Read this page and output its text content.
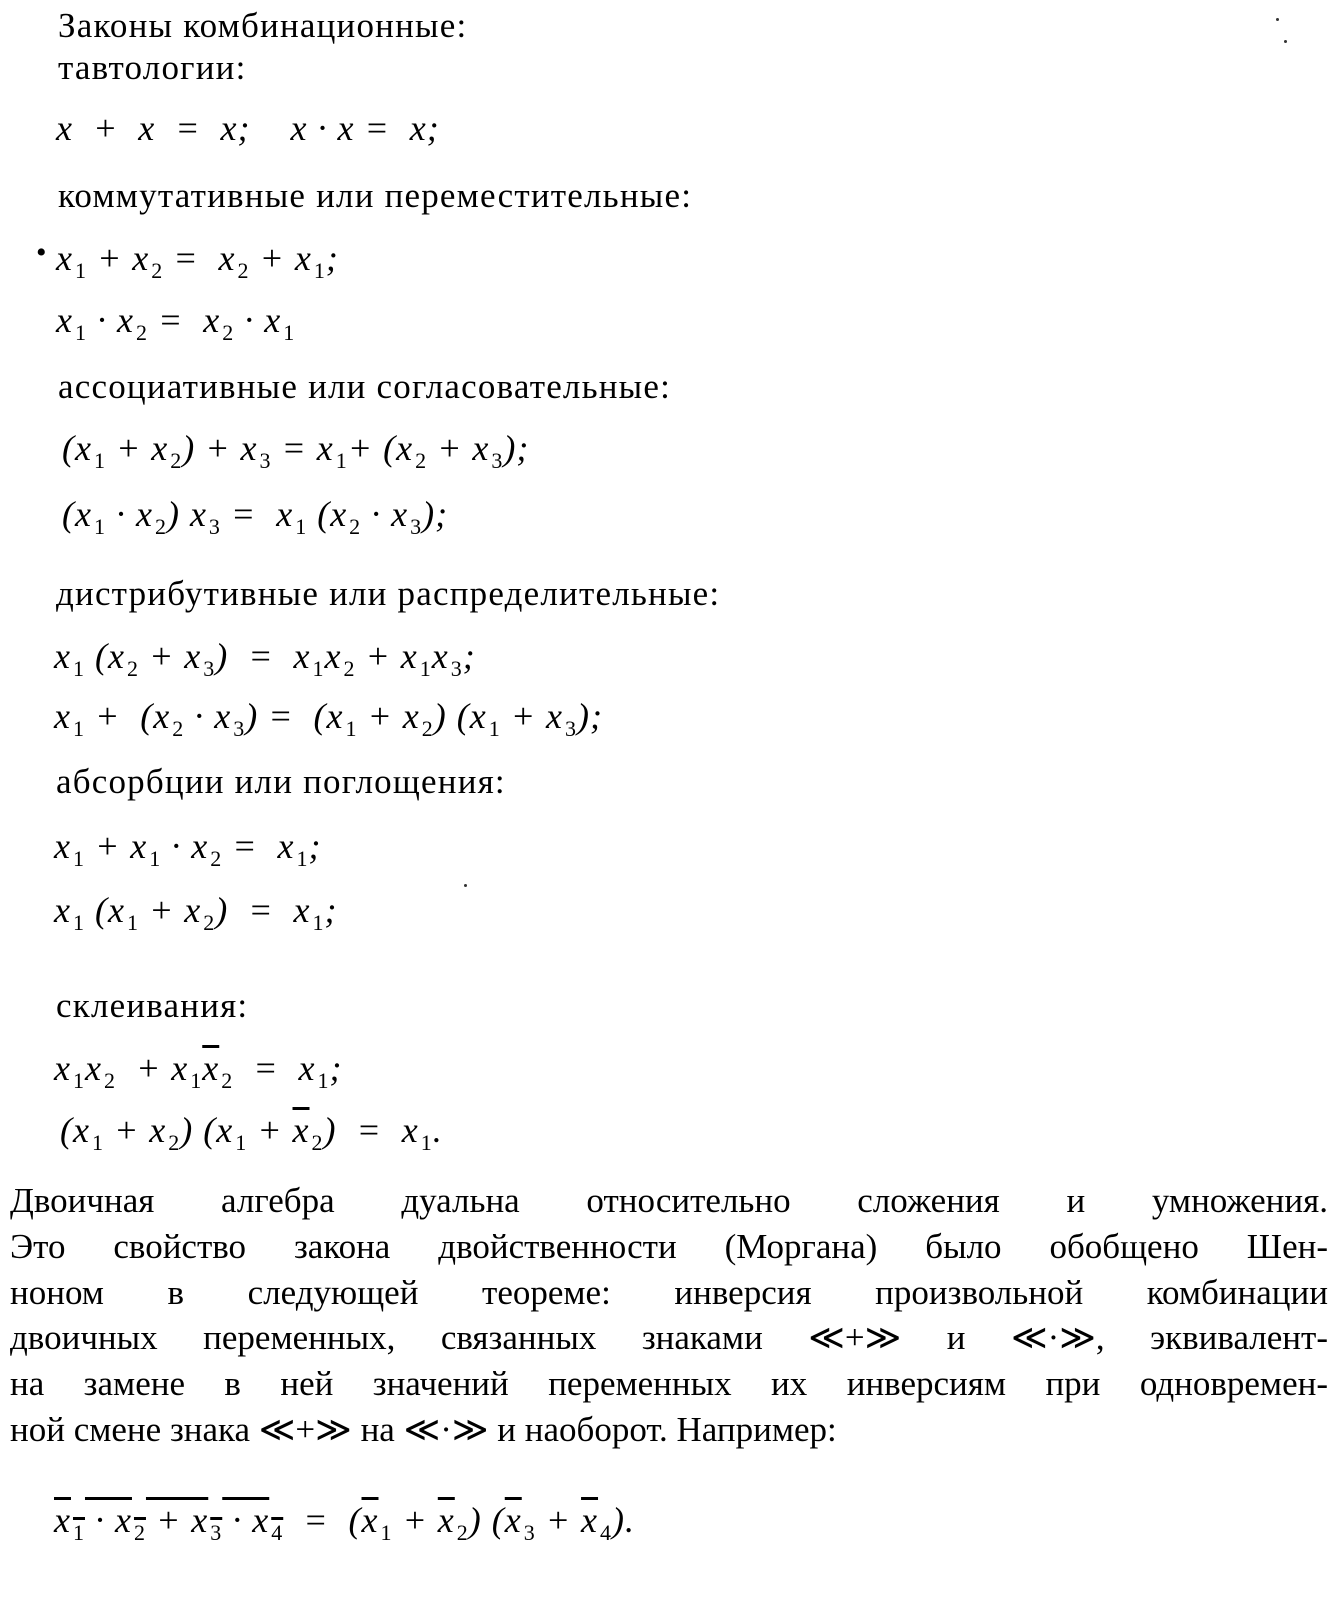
Законы комбинационные:
тавтологии:
x  +  x  =  x;    x · x =  x;
коммутативные или переместительные:
• $x_1 + x_2 = x_2 + x_1$;
$x_1 \cdot x_2 = x_2 \cdot x_1$
ассоциативные или согласовательные:
$(x_1 + x_2) + x_3 = x_1+ (x_2 + x_3)$;
$(x_1 \cdot x_2) x_3 = x_1$ $(x_2 \cdot x_3)$;
дистрибутивные или распределительные:
$x_1$ $(x_2 + x_3) = x_1x_2 + x_1x_3$;
$x_1 + (x_2 \cdot x_3) = (x_1 + x_2) (x_1 + x_3)$;
абсорбции или поглощения:
$x_1 + x_1 \cdot x_2 = x_1$;
$x_1$ $(x_1 + x_2) = x_1$;
склеивания:
$x_1x_2 + x_1\overline{x}_2 = x_1$;
$(x_1 + x_2) (x_1 + \overline{x}_2) = x_1$.
Двоичная алгебра дуальна относительно сложения и умножения.
Это свойство закона двойственности (Моргана) было обобщено Шен-
ноном в следующей теореме: инверсия произвольной комбинации
двоичных переменных, связанных знаками ≪+≫ и ≪·≫, эквивалент-
на замене в ней значений переменных их инверсиям при одновремен-
ной смене знака ≪+≫ на ≪·≫ и наоборот. Например:
$x_1 \cdot x_2 + x_3 \cdot x_4 = (\overline{x}_1 + \overline{x}_2) (\overline{x}_3 + \overline{x}_4)$.
